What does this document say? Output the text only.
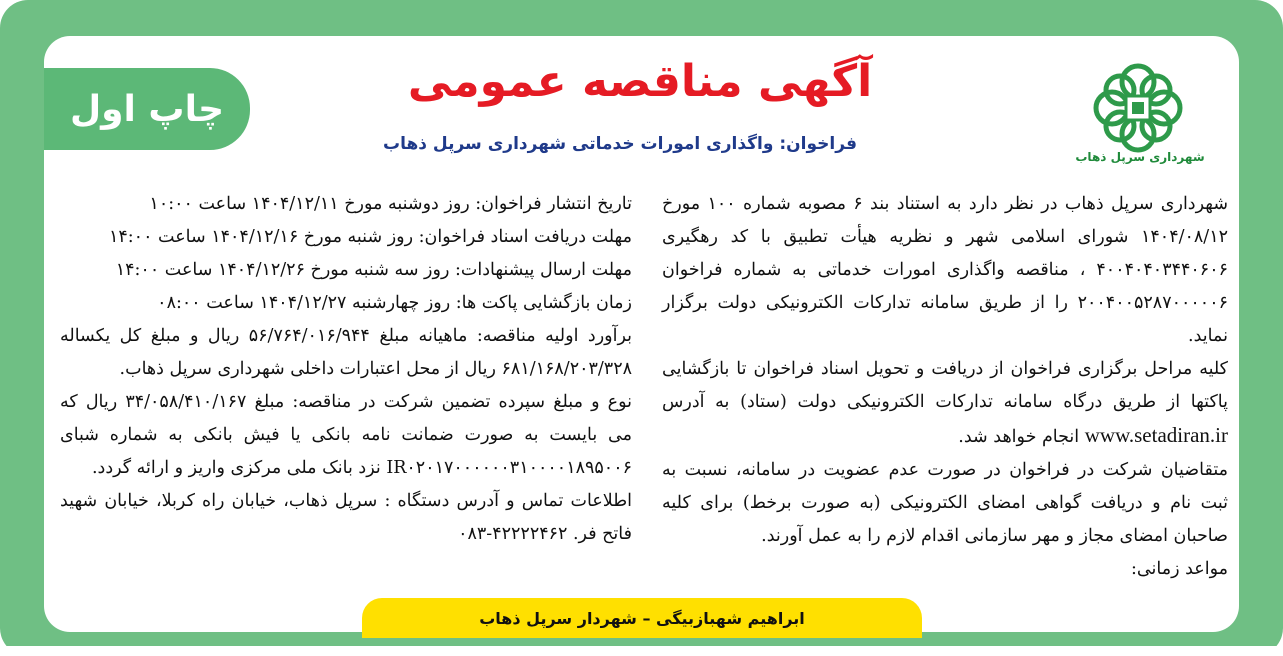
شهرداری سرپل ذهاب
آگهی مناقصه عمومی
فراخوان: واگذاری امورات خدماتی شهرداری سرپل ذهاب
چاپ اول

شهرداری سرپل ذهاب در نظر دارد به استناد بند ۶ مصوبه شماره ۱۰۰ مورخ ۱۴۰۴/۰۸/۱۲ شورای اسلامی شهر و نظریه هیأت تطبیق با کد رهگیری ۴۰۰۴۰۴۰۳۴۴۰۶۰۶ ، مناقصه واگذاری امورات خدماتی به شماره فراخوان ۲۰۰۴۰۰۵۲۸۷۰۰۰۰۰۶ را از طریق سامانه تدارکات الکترونیکی دولت برگزار نماید.

کلیه مراحل برگزاری فراخوان از دریافت و تحویل اسناد فراخوان تا بازگشایی پاکتها از طریق درگاه سامانه تدارکات الکترونیکی دولت (ستاد) به آدرس www.setadiran.ir انجام خواهد شد.

متقاضیان شرکت در فراخوان در صورت عدم عضویت در سامانه، نسبت به ثبت نام و دریافت گواهی امضای الکترونیکی (به صورت برخط) برای کلیه صاحبان امضای مجاز و مهر سازمانی اقدام لازم را به عمل آورند.

مواعد زمانی:

تاریخ انتشار فراخوان: روز دوشنبه مورخ ۱۴۰۴/۱۲/۱۱ ساعت ۱۰:۰۰

مهلت دریافت اسناد فراخوان: روز شنبه مورخ ۱۴۰۴/۱۲/۱۶ ساعت ۱۴:۰۰

مهلت ارسال پیشنهادات: روز سه شنبه مورخ ۱۴۰۴/۱۲/۲۶ ساعت ۱۴:۰۰

زمان بازگشایی پاکت ها: روز چهارشنبه ۱۴۰۴/۱۲/۲۷ ساعت ۰۸:۰۰

برآورد اولیه مناقصه: ماهیانه مبلغ ۵۶/۷۶۴/۰۱۶/۹۴۴ ریال و مبلغ کل یکساله ۶۸۱/۱۶۸/۲۰۳/۳۲۸ ریال از محل اعتبارات داخلی شهرداری سرپل ذهاب.

نوع و مبلغ سپرده تضمین شرکت در مناقصه: مبلغ ۳۴/۰۵۸/۴۱۰/۱۶۷ ریال که می بایست به صورت ضمانت نامه بانکی یا فیش بانکی به شماره شبای IR۰۲۰۱۷۰۰۰۰۰۰۳۱۰۰۰۰۱۸۹۵۰۰۶ نزد بانک ملی مرکزی واریز و ارائه گردد.

اطلاعات تماس و آدرس دستگاه : سرپل ذهاب، خیابان راه کربلا، خیابان شهید فاتح فر. ۴۲۲۲۲۴۶۲-۰۸۳

ابراهیم شهبازبیگی – شهردار سرپل ذهاب
